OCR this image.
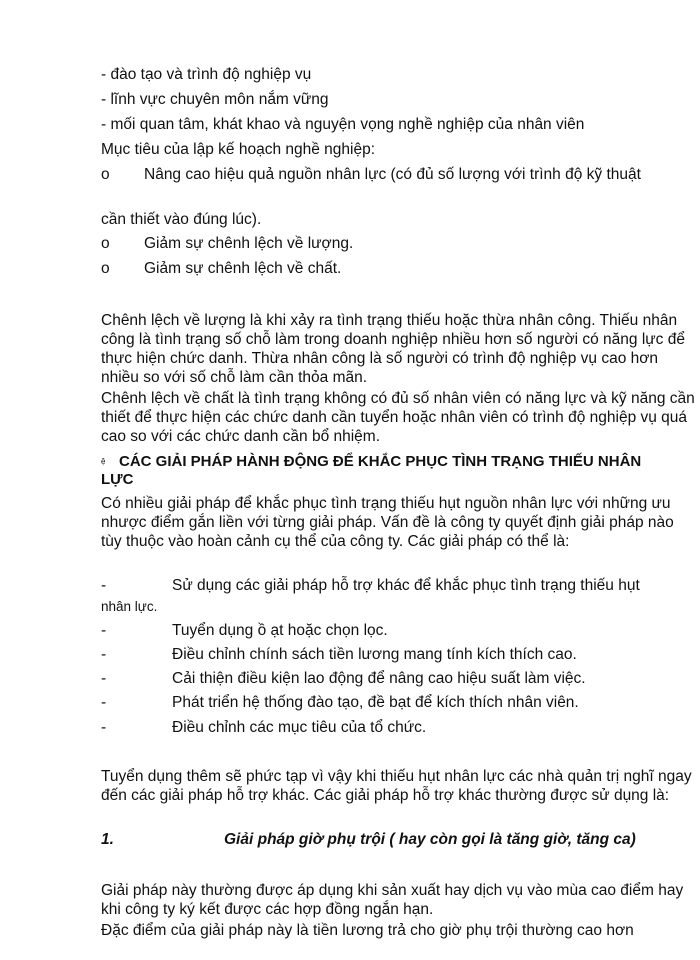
- đào tạo và trình độ nghiệp vụ
- lĩnh vực chuyên môn nắm vững
- mối quan tâm, khát khao và nguyện vọng nghề nghiệp của nhân viên
Mục tiêu của lập kế hoạch nghề nghiệp:
o Nâng cao hiệu quả nguồn nhân lực (có đủ số lượng với trình độ kỹ thuật
cần thiết vào đúng lúc).
o Giảm sự chênh lệch về lượng.
o Giảm sự chênh lệch về chất.
Chênh lệch về lượng là khi xảy ra tình trạng thiếu hoặc thừa nhân công. Thiếu nhân công là tình trạng số chỗ làm trong doanh nghiệp nhiều hơn số người có năng lực để thực hiện chức danh. Thừa nhân công là số người có trình độ nghiệp vụ cao hơn nhiều so với số chỗ làm cần thỏa mãn.
Chênh lệch về chất là tình trạng không có đủ số nhân viên có năng lực và kỹ năng cần thiết để thực hiện các chức danh cần tuyển hoặc nhân viên có trình độ nghiệp vụ quá cao so với các chức danh cần bổ nhiệm.
ệ CÁC GIẢI PHÁP HÀNH ĐỘNG ĐỂ KHẮC PHỤC TÌNH TRẠNG THIẾU NHÂN LỰC
Có nhiều giải pháp để khắc phục tình trạng thiếu hụt nguồn nhân lực với những ưu nhược điểm gắn liền với từng giải pháp. Vấn đề là công ty quyết định giải pháp nào tùy thuộc vào hoàn cảnh cụ thể của công ty. Các giải pháp có thể là:
-	Sử dụng các giải pháp hỗ trợ khác để khắc phục tình trạng thiếu hụt
nhân lực.
-	Tuyển dụng ồ ạt hoặc chọn lọc.
-	Điều chỉnh chính sách tiền lương mang tính kích thích cao.
-	Cải thiện điều kiện lao động để nâng cao hiệu suất làm việc.
-	Phát triển hệ thống đào tạo, đề bạt để kích thích nhân viên.
-	Điều chỉnh các mục tiêu của tổ chức.
Tuyển dụng thêm sẽ phức tạp vì vậy khi thiếu hụt nhân lực các nhà quản trị nghĩ ngay đến các giải pháp hỗ trợ khác. Các giải pháp hỗ trợ khác thường được sử dụng là:
1.	Giải pháp giờ phụ trội ( hay còn gọi là tăng giờ, tăng ca)
Giải pháp này thường được áp dụng khi sản xuất hay dịch vụ vào mùa cao điểm hay khi công ty ký kết được các hợp đồng ngắn hạn.
Đặc điểm của giải pháp này là tiền lương trả cho giờ phụ trội thường cao hơn
